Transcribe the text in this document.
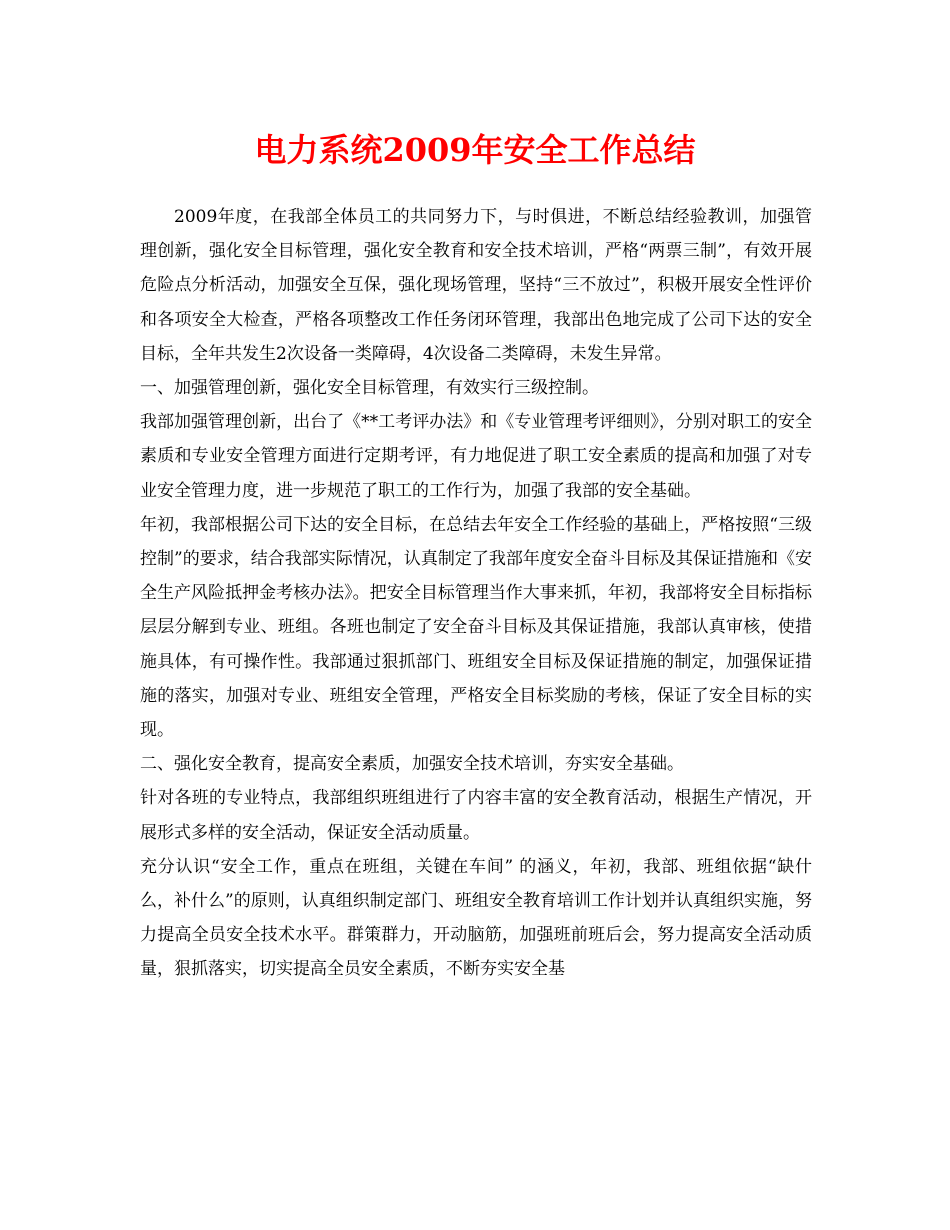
电力系统2009年安全工作总结

2009年度，在我部全体员工的共同努力下，与时俱进，不断总结经验教训，加强管理创新，强化安全目标管理，强化安全教育和安全技术培训，严格“两票三制”，有效开展危险点分析活动，加强安全互保，强化现场管理，坚持“三不放过”，积极开展安全性评价和各项安全大检查，严格各项整改工作任务闭环管理，我部出色地完成了公司下达的安全目标，全年共发生2次设备一类障碍，4次设备二类障碍，未发生异常。

一、加强管理创新，强化安全目标管理，有效实行三级控制。

我部加强管理创新，出台了《**工考评办法》和《专业管理考评细则》，分别对职工的安全素质和专业安全管理方面进行定期考评，有力地促进了职工安全素质的提高和加强了对专业安全管理力度，进一步规范了职工的工作行为，加强了我部的安全基础。

年初，我部根据公司下达的安全目标，在总结去年安全工作经验的基础上，严格按照“三级控制”的要求，结合我部实际情况，认真制定了我部年度安全奋斗目标及其保证措施和《安全生产风险抵押金考核办法》。把安全目标管理当作大事来抓，年初，我部将安全目标指标层层分解到专业、班组。各班也制定了安全奋斗目标及其保证措施，我部认真审核，使措施具体，有可操作性。我部通过狠抓部门、班组安全目标及保证措施的制定，加强保证措施的落实，加强对专业、班组安全管理，严格安全目标奖励的考核，保证了安全目标的实现。

二、强化安全教育，提高安全素质，加强安全技术培训，夯实安全基础。

针对各班的专业特点，我部组织班组进行了内容丰富的安全教育活动，根据生产情况，开展形式多样的安全活动，保证安全活动质量。

充分认识“安全工作，重点在班组，关键在车间” 的涵义，年初，我部、班组依据“缺什么，补什么”的原则，认真组织制定部门、班组安全教育培训工作计划并认真组织实施，努力提高全员安全技术水平。群策群力，开动脑筋，加强班前班后会，努力提高安全活动质量，狠抓落实，切实提高全员安全素质，不断夯实安全基
